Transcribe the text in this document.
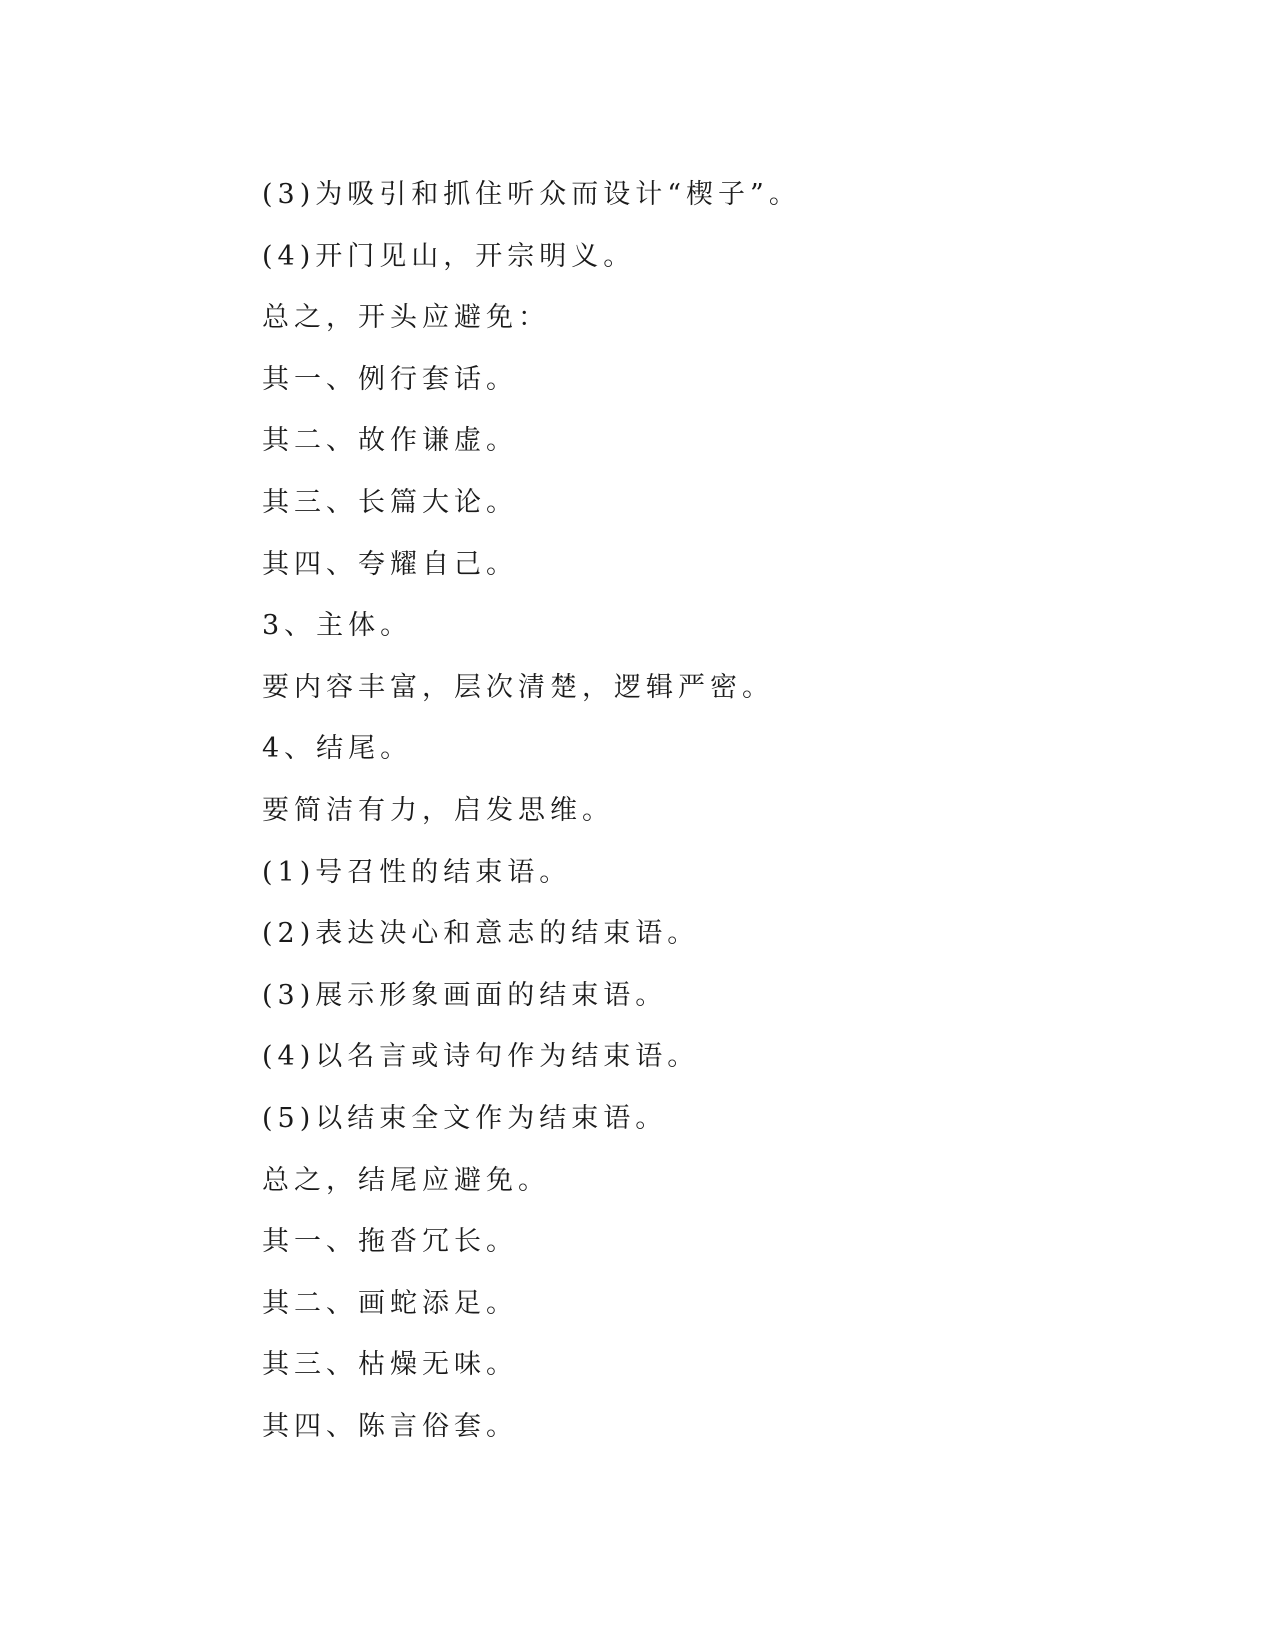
(3)为吸引和抓住听众而设计“楔子”。
(4)开门见山，开宗明义。
总之，开头应避免：
其一、例行套话。
其二、故作谦虚。
其三、长篇大论。
其四、夸耀自己。
3、主体。
要内容丰富，层次清楚，逻辑严密。
4、结尾。
要简洁有力，启发思维。
(1)号召性的结束语。
(2)表达决心和意志的结束语。
(3)展示形象画面的结束语。
(4)以名言或诗句作为结束语。
(5)以结束全文作为结束语。
总之，结尾应避免。
其一、拖沓冗长。
其二、画蛇添足。
其三、枯燥无味。
其四、陈言俗套。
